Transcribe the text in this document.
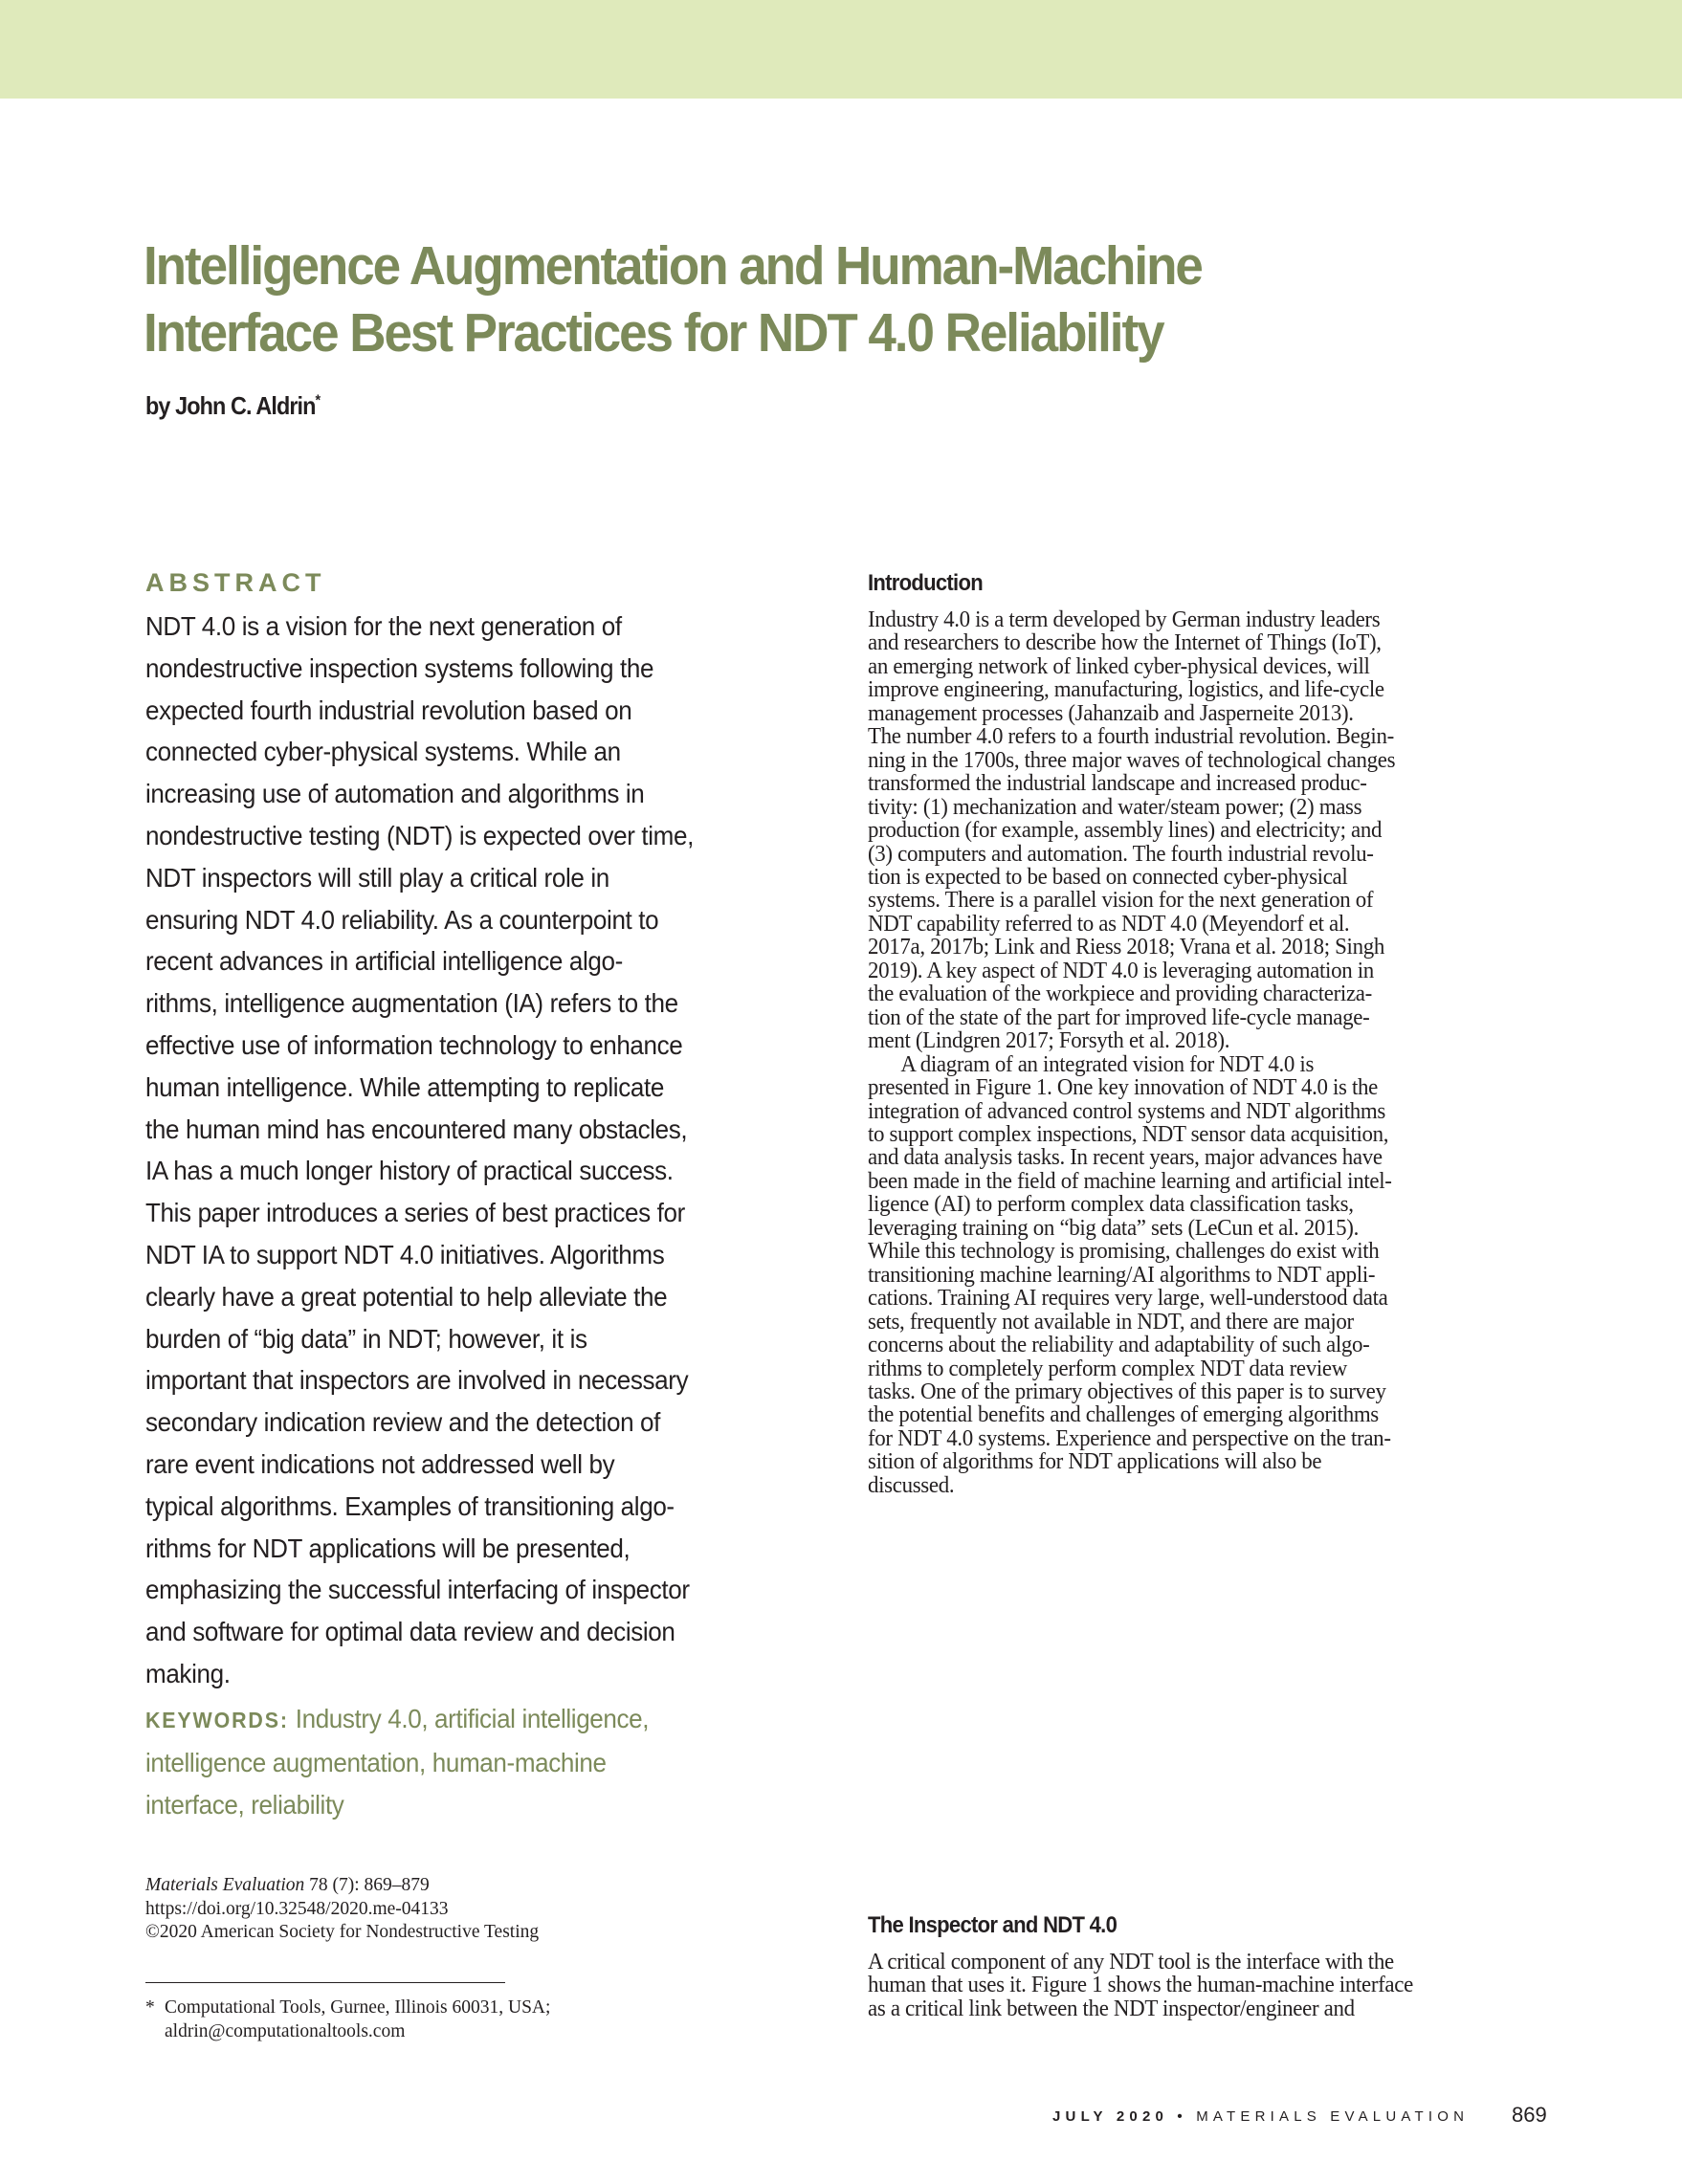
Intelligence Augmentation and Human-Machine
Interface Best Practices for NDT 4.0 Reliability
by John C. Aldrin*
ABSTRACT
NDT 4.0 is a vision for the next generation of
nondestructive inspection systems following the
expected fourth industrial revolution based on
connected cyber-physical systems. While an
increasing use of automation and algorithms in
nondestructive testing (NDT) is expected over time,
NDT inspectors will still play a critical role in
ensuring NDT 4.0 reliability. As a counterpoint to
recent advances in artificial intelligence algo-
rithms, intelligence augmentation (IA) refers to the
effective use of information technology to enhance
human intelligence. While attempting to replicate
the human mind has encountered many obstacles,
IA has a much longer history of practical success.
This paper introduces a series of best practices for
NDT IA to support NDT 4.0 initiatives. Algorithms
clearly have a great potential to help alleviate the
burden of “big data” in NDT; however, it is
important that inspectors are involved in necessary
secondary indication review and the detection of
rare event indications not addressed well by
typical algorithms. Examples of transitioning algo-
rithms for NDT applications will be presented,
emphasizing the successful interfacing of inspector
and software for optimal data review and decision
making.
KEYWORDS: Industry 4.0, artificial intelligence,
intelligence augmentation, human-machine
interface, reliability
Materials Evaluation 78 (7): 869–879
https://doi.org/10.32548/2020.me-04133
©2020 American Society for Nondestructive Testing
* Computational Tools, Gurnee, Illinois 60031, USA;
aldrin@computationaltools.com
Introduction
Industry 4.0 is a term developed by German industry leaders
and researchers to describe how the Internet of Things (IoT),
an emerging network of linked cyber-physical devices, will
improve engineering, manufacturing, logistics, and life-cycle
management processes (Jahanzaib and Jasperneite 2013).
The number 4.0 refers to a fourth industrial revolution. Begin-
ning in the 1700s, three major waves of technological changes
transformed the industrial landscape and increased produc-
tivity: (1) mechanization and water/steam power; (2) mass
production (for example, assembly lines) and electricity; and
(3) computers and automation. The fourth industrial revolu-
tion is expected to be based on connected cyber-physical
systems. There is a parallel vision for the next generation of
NDT capability referred to as NDT 4.0 (Meyendorf et al.
2017a, 2017b; Link and Riess 2018; Vrana et al. 2018; Singh
2019). A key aspect of NDT 4.0 is leveraging automation in
the evaluation of the workpiece and providing characteriza-
tion of the state of the part for improved life-cycle manage-
ment (Lindgren 2017; Forsyth et al. 2018).
A diagram of an integrated vision for NDT 4.0 is
presented in Figure 1. One key innovation of NDT 4.0 is the
integration of advanced control systems and NDT algorithms
to support complex inspections, NDT sensor data acquisition,
and data analysis tasks. In recent years, major advances have
been made in the field of machine learning and artificial intel-
ligence (AI) to perform complex data classification tasks,
leveraging training on “big data” sets (LeCun et al. 2015).
While this technology is promising, challenges do exist with
transitioning machine learning/AI algorithms to NDT appli-
cations. Training AI requires very large, well-understood data
sets, frequently not available in NDT, and there are major
concerns about the reliability and adaptability of such algo-
rithms to completely perform complex NDT data review
tasks. One of the primary objectives of this paper is to survey
the potential benefits and challenges of emerging algorithms
for NDT 4.0 systems. Experience and perspective on the tran-
sition of algorithms for NDT applications will also be
discussed.
The Inspector and NDT 4.0
A critical component of any NDT tool is the interface with the
human that uses it. Figure 1 shows the human-machine interface
as a critical link between the NDT inspector/engineer and
JULY 2020 • MATERIALS EVALUATION 869
